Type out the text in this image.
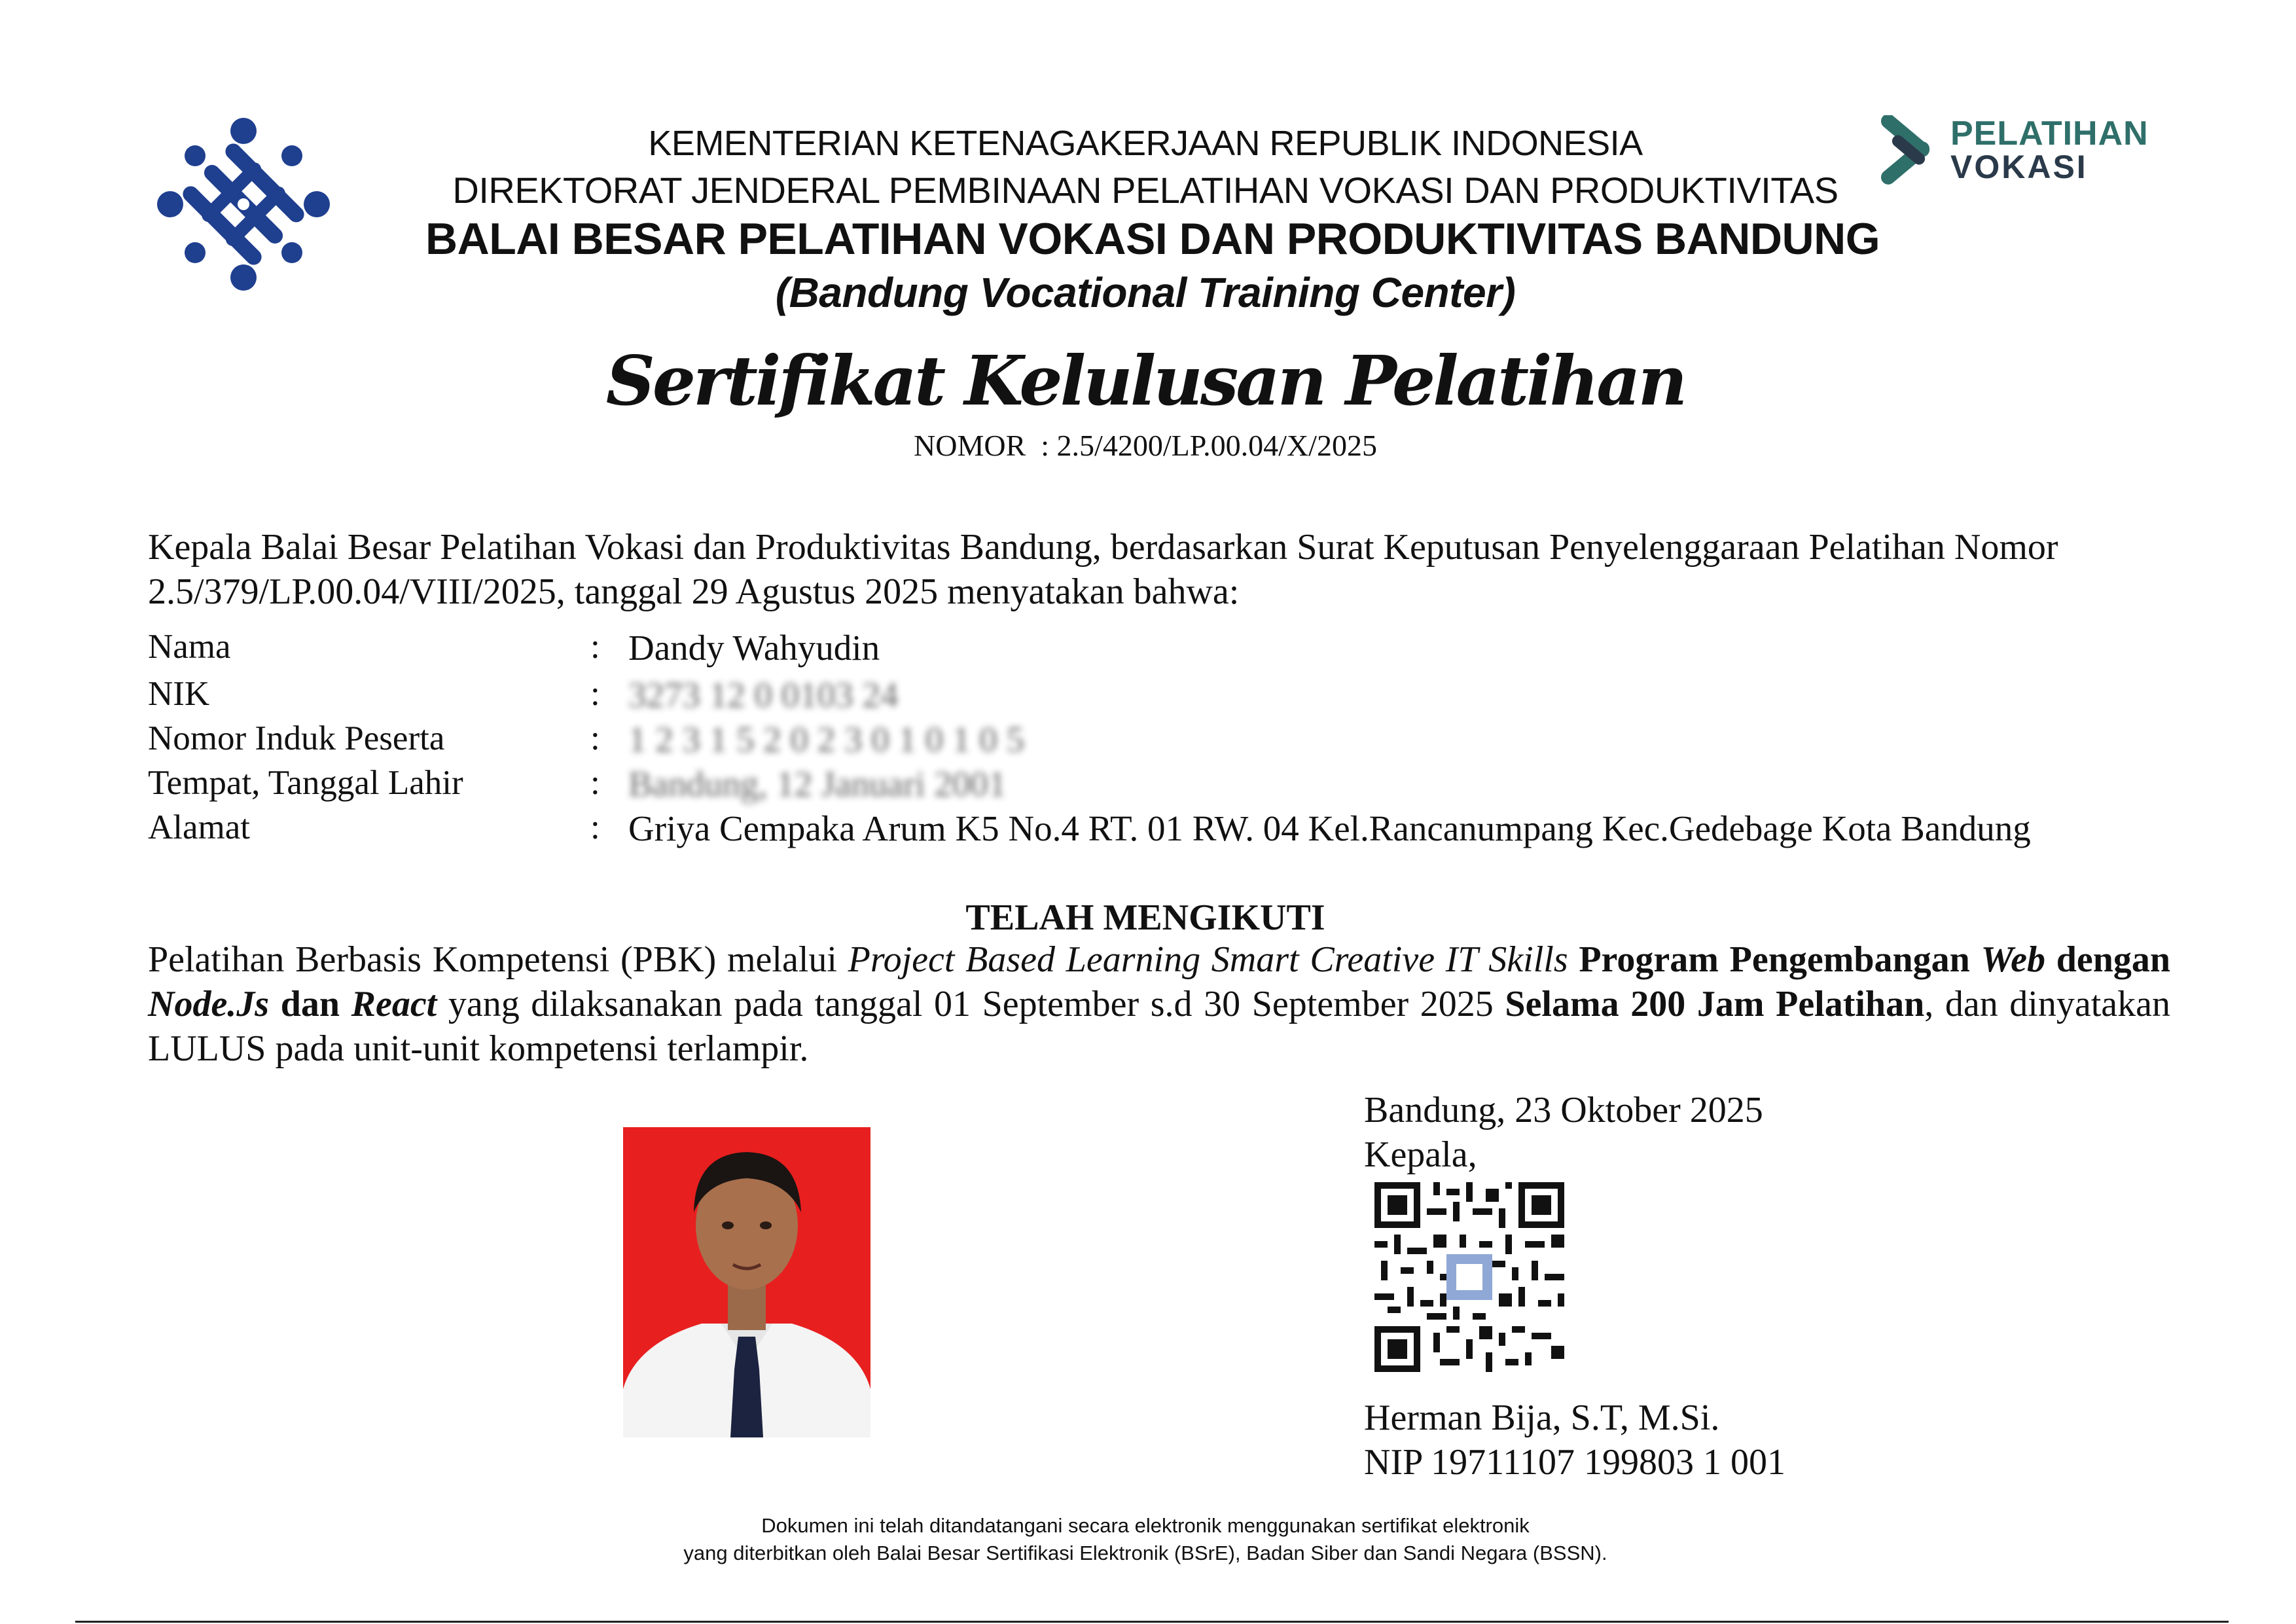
PELATIHAN
VOKASI
KEMENTERIAN KETENAGAKERJAAN REPUBLIK INDONESIA
DIREKTORAT JENDERAL PEMBINAAN PELATIHAN VOKASI DAN PRODUKTIVITAS
BALAI BESAR PELATIHAN VOKASI DAN PRODUKTIVITAS BANDUNG
(Bandung Vocational Training Center)
Sertifikat Kelulusan Pelatihan
NOMOR  : 2.5/4200/LP.00.04/X/2025
Kepala Balai Besar Pelatihan Vokasi dan Produktivitas Bandung, berdasarkan Surat Keputusan Penyelenggaraan Pelatihan Nomor 2.5/379/LP.00.04/VIII/2025, tanggal 29 Agustus 2025 menyatakan bahwa:
Nama	: Dandy Wahyudin
NIK	: 3273 12 0 0103 24
Nomor Induk Peserta	: 1 2 3 1 5 2 0 2 3 0 1 0 1 0 5
Tempat, Tanggal Lahir	: Bandung, 12 Januari 2001
Alamat	: Griya Cempaka Arum K5 No.4 RT. 01 RW. 04 Kel.Rancanumpang Kec.Gedebage Kota Bandung
TELAH MENGIKUTI
Pelatihan Berbasis Kompetensi (PBK) melalui Project Based Learning Smart Creative IT Skills Program Pengembangan Web dengan Node.Js dan React yang dilaksanakan pada tanggal 01 September s.d 30 September 2025 Selama 200 Jam Pelatihan, dan dinyatakan LULUS pada unit-unit kompetensi terlampir.
Bandung, 23 Oktober 2025
Kepala,
Herman Bija, S.T, M.Si.
NIP 19711107 199803 1 001
Dokumen ini telah ditandatangani secara elektronik menggunakan sertifikat elektronik
yang diterbitkan oleh Balai Besar Sertifikasi Elektronik (BSrE), Badan Siber dan Sandi Negara (BSSN).
